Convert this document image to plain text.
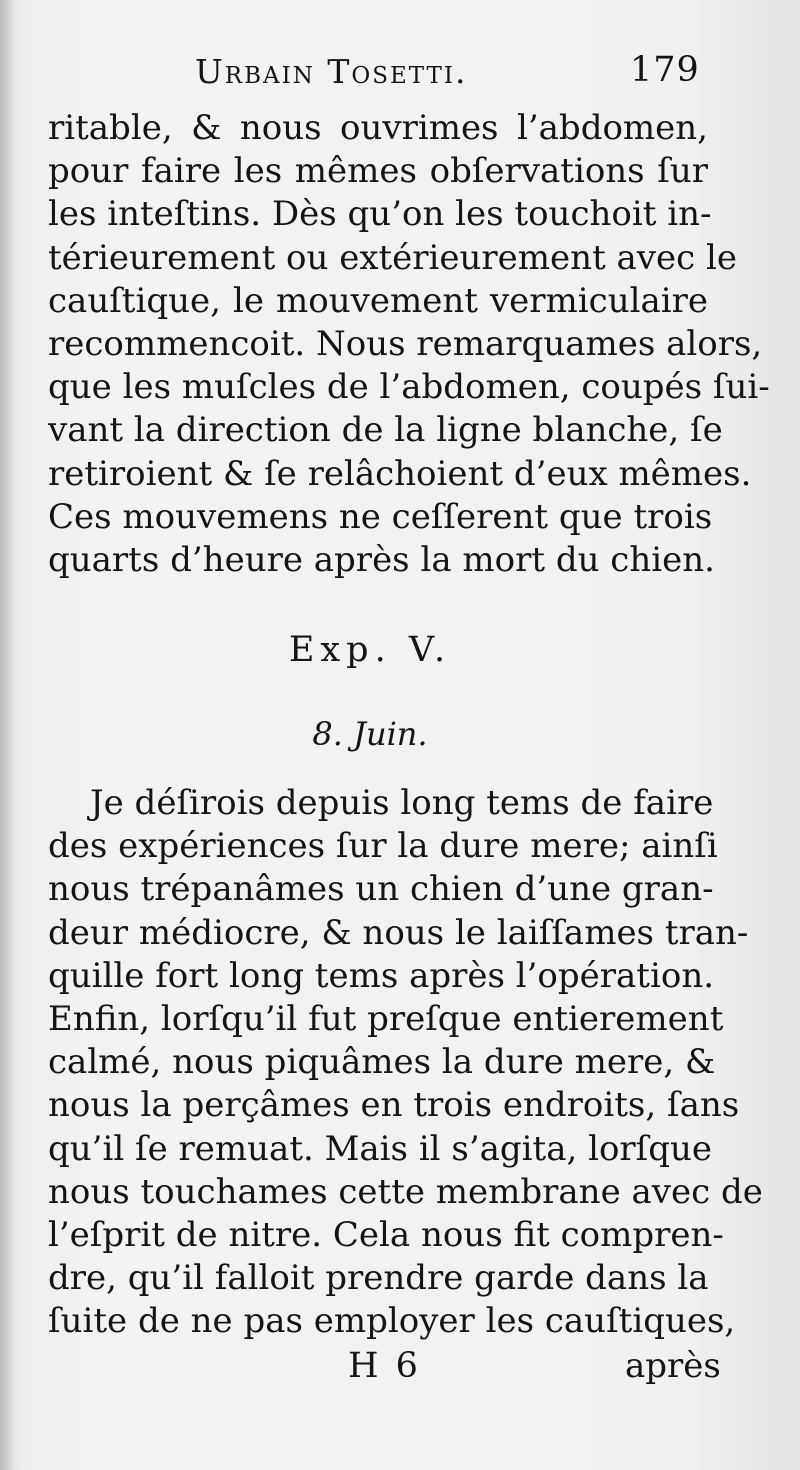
Urbain Tosetti.	179
ritable, & nous ouvrimes l’abdomen,
pour faire les mêmes obſervations ſur
les inteſtins. Dès qu’on les touchoit in-
térieurement ou extérieurement avec le
cauſtique, le mouvement vermiculaire
recommencoit. Nous remarquames alors,
que les muſcles de l’abdomen, coupés ſui-
vant la direction de la ligne blanche, ſe
retiroient & ſe relâchoient d’eux mêmes.
Ces mouvemens ne ceſſerent que trois
quarts d’heure après la mort du chien.
Exp. V.
8. Juin.
Je déſirois depuis long tems de faire
des expériences ſur la dure mere; ainſi
nous trépanâmes un chien d’une gran-
deur médiocre, & nous le laiſſames tran-
quille fort long tems après l’opération.
Enfin, lorſqu’il fut preſque entierement
calmé, nous piquâmes la dure mere, &
nous la perçâmes en trois endroits, ſans
qu’il ſe remuat. Mais il s’agita, lorſque
nous touchames cette membrane avec de
l’eſprit de nitre. Cela nous fit compren-
dre, qu’il falloit prendre garde dans la
ſuite de ne pas employer les cauſtiques,
H 6	après
